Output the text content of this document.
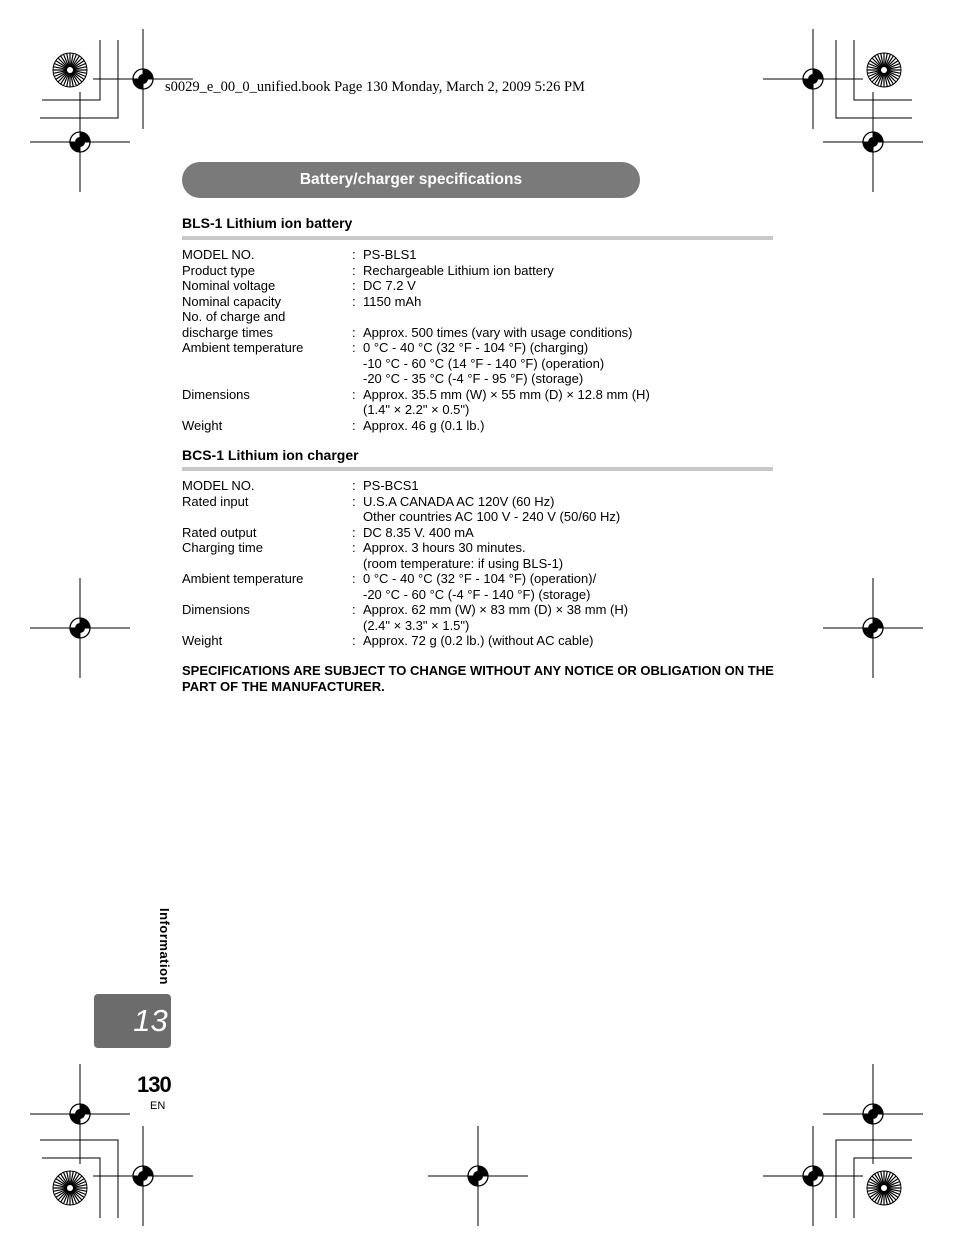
s0029_e_00_0_unified.book Page 130 Monday, March 2, 2009 5:26 PM
Battery/charger specifications
BLS-1 Lithium ion battery
MODEL NO.	: PS-BLS1
Product type	: Rechargeable Lithium ion battery
Nominal voltage	: DC 7.2 V
Nominal capacity	: 1150 mAh
No. of charge and
discharge times	: Approx. 500 times (vary with usage conditions)
Ambient temperature	: 0 °C - 40 °C (32 °F - 104 °F) (charging)
-10 °C - 60 °C (14 °F - 140 °F) (operation)
-20 °C - 35 °C (-4 °F - 95 °F) (storage)
Dimensions	: Approx. 35.5 mm (W) × 55 mm (D) × 12.8 mm (H)
(1.4" × 2.2" × 0.5")
Weight	: Approx. 46 g (0.1 lb.)
BCS-1 Lithium ion charger
MODEL NO.	: PS-BCS1
Rated input	: U.S.A CANADA AC 120V (60 Hz)
Other countries AC 100 V - 240 V (50/60 Hz)
Rated output	: DC 8.35 V. 400 mA
Charging time	: Approx. 3 hours 30 minutes.
(room temperature: if using BLS-1)
Ambient temperature	: 0 °C - 40 °C (32 °F - 104 °F) (operation)/
-20 °C - 60 °C (-4 °F - 140 °F) (storage)
Dimensions	: Approx. 62 mm (W) × 83 mm (D) × 38 mm (H)
(2.4" × 3.3" × 1.5")
Weight	: Approx. 72 g (0.2 lb.) (without AC cable)
SPECIFICATIONS ARE SUBJECT TO CHANGE WITHOUT ANY NOTICE OR OBLIGATION ON THE PART OF THE MANUFACTURER.
Information
13
130
EN
